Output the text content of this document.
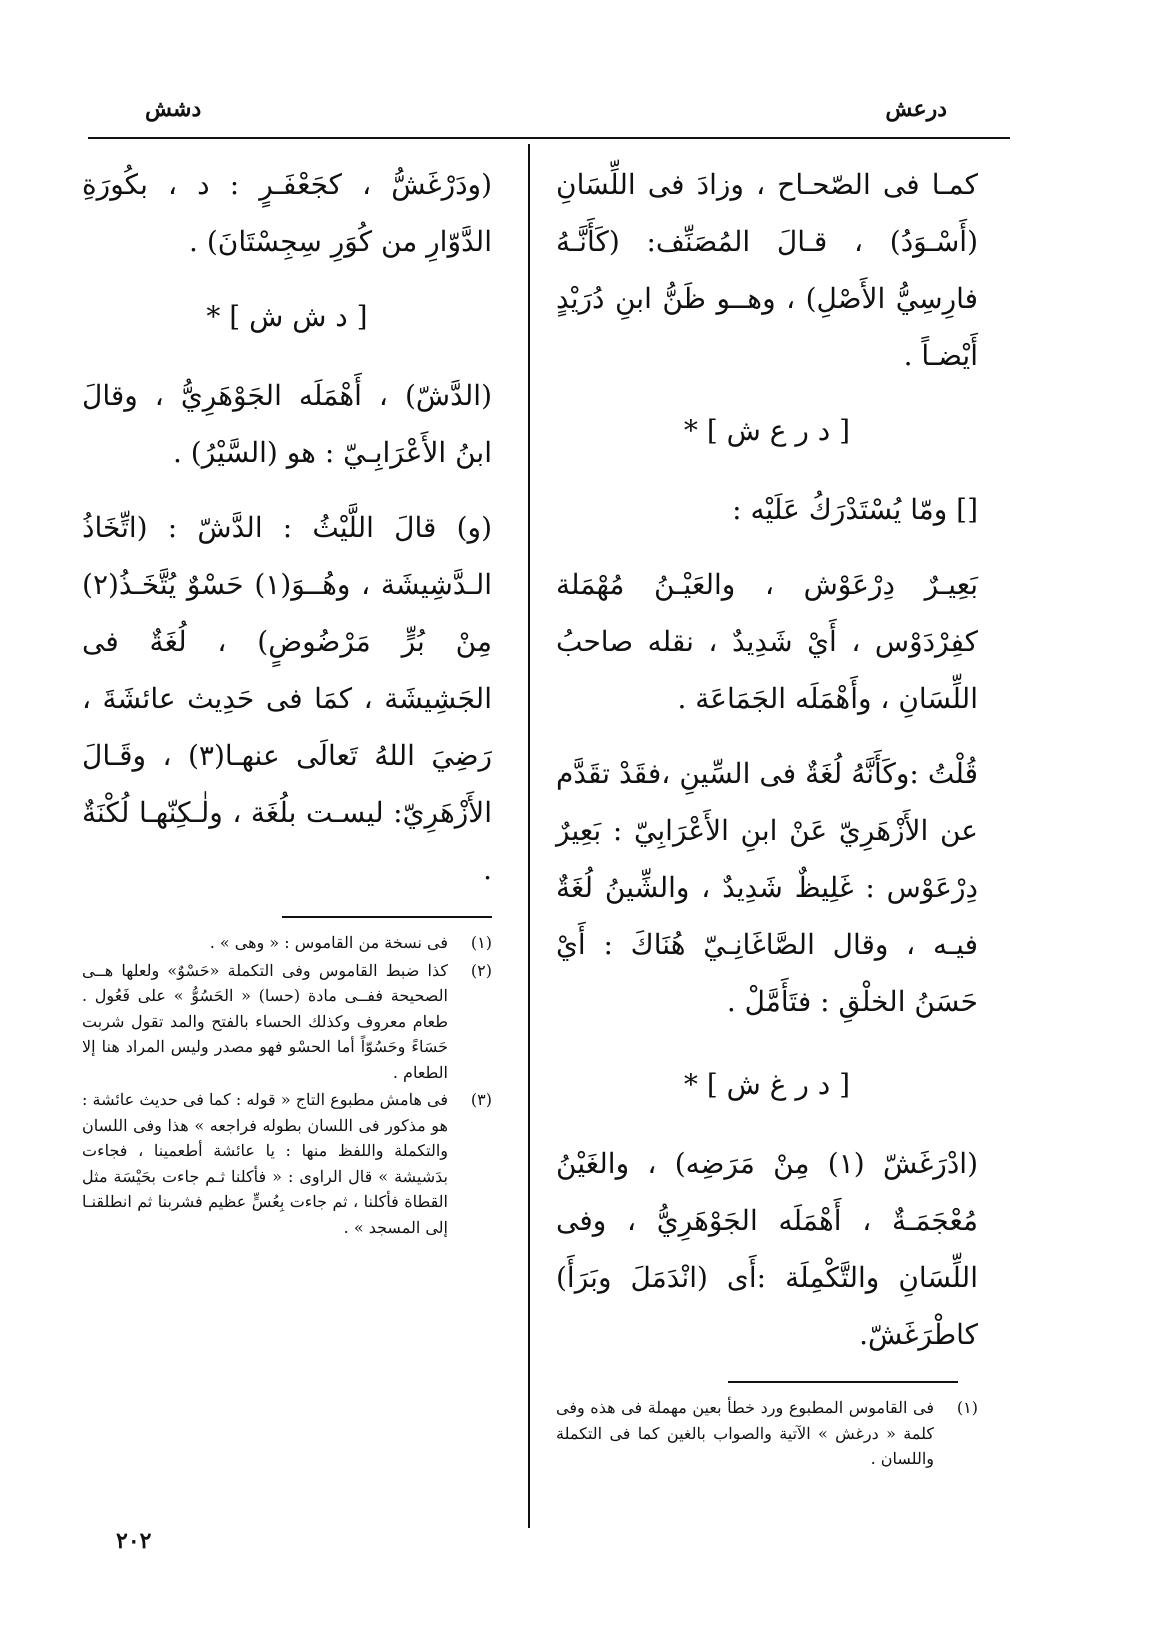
درعش
دشش

كمـا فى الصّحـاح ، وزادَ فى اللِّسَانِ (أَسْـوَدُ) ، قـالَ المُصَنِّف: (كَأَنَّـهُ فارِسِيُّ الأَصْلِ) ، وهــو ظَنُّ ابنِ دُرَيْدٍ أَيْضـاً .

[ د ر ع ش ] *

[] ومّا يُسْتَدْرَكُ عَلَيْه :

بَعِيـرٌ دِرْعَوْش ، والعَيْـنُ مُهْمَلة كفِرْدَوْس ، أَيْ شَدِيدٌ ، نقله صاحبُ اللِّسَانِ ، وأَهْمَلَه الجَمَاعَة .

قُلْتُ :وكَأَنَّهُ لُغَةٌ فى السِّينِ ،فقَدْ تقَدَّم عن الأَزْهَرِيّ عَنْ ابنِ الأَعْرَابِيّ : بَعِيرٌ دِرْعَوْس : غَلِيظٌ شَدِيدٌ ، والشِّينُ لُغَةٌ فيـه ، وقال الصَّاغَانِـيّ هُنَاكَ : أَيْ حَسَنُ الخلْقِ : فتَأَمَّلْ .

[ د ر غ ش ] *

(ادْرَغَشّ (١) مِنْ مَرَضِه) ، والغَيْنُ مُعْجَمَـةٌ ، أَهْمَلَه الجَوْهَرِيُّ ، وفى اللِّسَانِ والتَّكْمِلَة :أَى (انْدَمَلَ وبَرَأَ) كاطْرَغَشّ.

(١)
فى القاموس المطبوع ورد خطأ بعين مهملة فى هذه وفى كلمة « درغش » الآتية والصواب بالغين كما فى التكملة واللسان .

(ودَرْغَشُّ ، كجَعْفَـرٍ : د ، بكُورَةِ الدَّوّارِ من كُوَرِ سِجِسْتَانَ) .

[ د ش ش ] *

(الدَّشّ) ، أَهْمَلَه الجَوْهَرِيُّ ، وقالَ ابنُ الأَعْرَابِـيّ : هو (السَّيْرُ) .

(و) قالَ اللَّيْثُ : الدَّشّ : (اتِّخَاذُ الـدَّشِيشَة ، وهُــوَ(١) حَسْوٌ يُتَّخَـذُ(٢) مِنْ بُرٍّ مَرْضُوضٍ) ، لُغَةٌ فى الجَشِيشَة ، كمَا فى حَدِيث عائشَةَ ، رَضِيَ اللهُ تَعالَى عنهـا(٣) ، وقَـالَ الأَزْهَرِيّ: ليسـت بلُغَة ، ولٰـكِنّهـا لُكْنَةٌ .

(١)
فى نسخة من القاموس : « وهى » .
(٢)
كذا ضبط القاموس وفى التكملة «حَسْوٌ» ولعلها هــى الصحيحة ففــى مادة (حسا) « الحَسُوُّ » على فَعُول . طعام معروف وكذلك الحساء بالفتح والمد تقول شربت حَسَاءً وحَسُوّاً أما الحسْو فهو مصدر وليس المراد هنا إلا الطعام .
(٣)
فى هامش مطبوع التاج « قوله : كما فى حديث عائشة : هو مذكور فى اللسان بطوله فراجعه » هذا وفى اللسان والتكملة واللفظ منها : يا عائشة أطعمينا ، فجاءت بدَشيشة » قال الراوى : « فأكلنا ثـم جاءت بحَيْسَة مثل القطاة فأكلنا ، ثم جاءت بِعُسٍّ عظيم فشربنا ثم انطلقنـا إلى المسجد » .
٢٠٢
